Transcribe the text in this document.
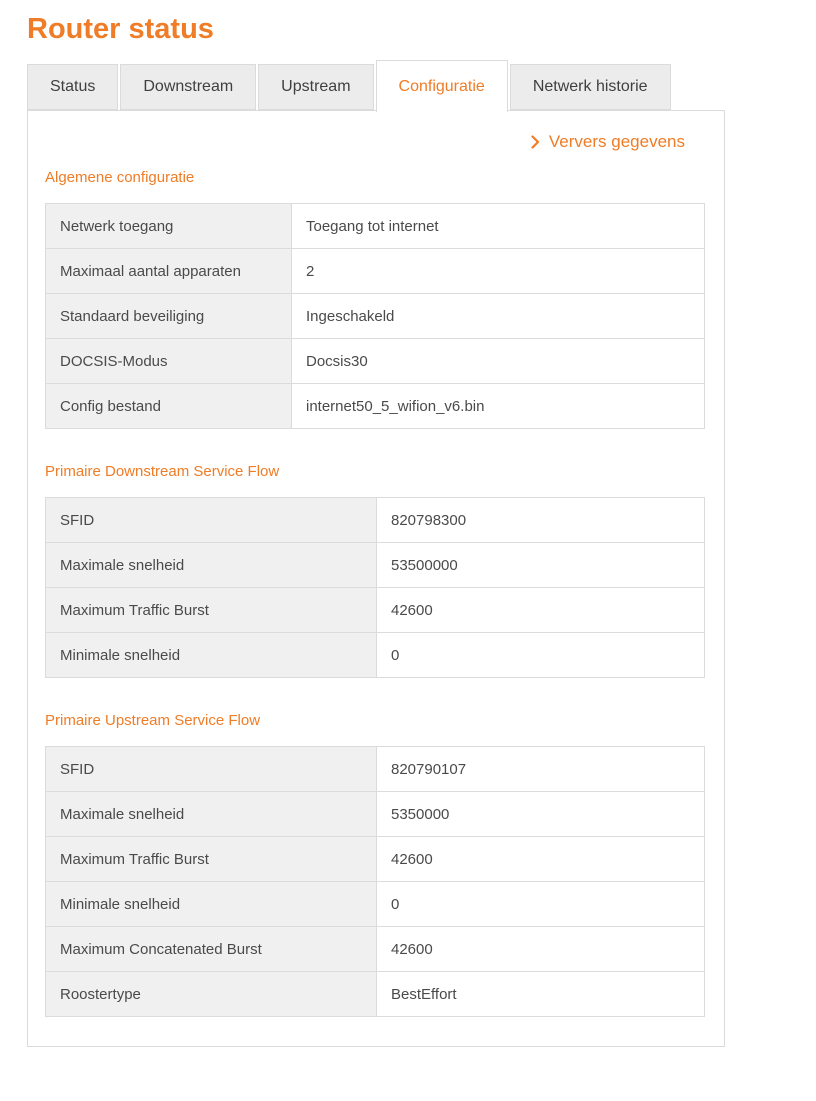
Router status
Status	Downstream	Upstream	Configuratie	Netwerk historie
Ververs gegevens
Algemene configuratie
Netwerk toegang	Toegang tot internet
Maximaal aantal apparaten	2
Standaard beveiliging	Ingeschakeld
DOCSIS-Modus	Docsis30
Config bestand	internet50_5_wifion_v6.bin
Primaire Downstream Service Flow
SFID	820798300
Maximale snelheid	53500000
Maximum Traffic Burst	42600
Minimale snelheid	0
Primaire Upstream Service Flow
SFID	820790107
Maximale snelheid	5350000
Maximum Traffic Burst	42600
Minimale snelheid	0
Maximum Concatenated Burst	42600
Roostertype	BestEffort
